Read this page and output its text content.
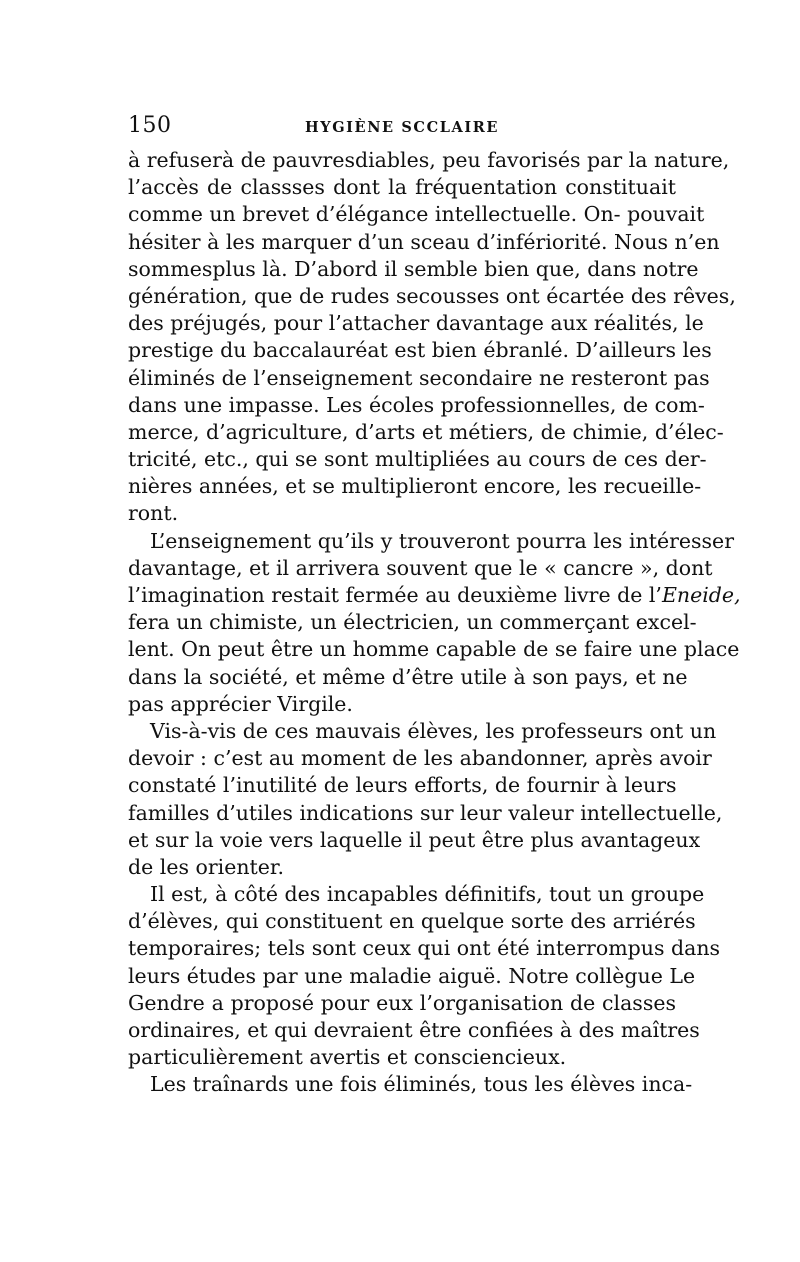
150	HYGIÈNE SCCLAIRE
à refuserà de pauvresdiables, peu favorisés par la nature,
l’accès de classses dont la fréquentation constituait
comme un brevet d’élégance intellectuelle. On- pouvait
hésiter à les marquer d’un sceau d’infériorité. Nous n’en
sommesplus là. D’abord il semble bien que, dans notre
génération, que de rudes secousses ont écartée des rêves,
des préjugés, pour l’attacher davantage aux réalités, le
prestige du baccalauréat est bien ébranlé. D’ailleurs les
éliminés de l’enseignement secondaire ne resteront pas
dans une impasse. Les écoles professionnelles, de com-
merce, d’agriculture, d’arts et métiers, de chimie, d’élec-
tricité, etc., qui se sont multipliées au cours de ces der-
nières années, et se multiplieront encore, les recueille-
ront.
L’enseignement qu’ils y trouveront pourra les intéresser
davantage, et il arrivera souvent que le « cancre », dont
l’imagination restait fermée au deuxième livre de l’Eneide,
fera un chimiste, un électricien, un commerçant excel-
lent. On peut être un homme capable de se faire une place
dans la société, et même d’être utile à son pays, et ne
pas apprécier Virgile.
Vis-à-vis de ces mauvais élèves, les professeurs ont un
devoir : c’est au moment de les abandonner, après avoir
constaté l’inutilité de leurs efforts, de fournir à leurs
familles d’utiles indications sur leur valeur intellectuelle,
et sur la voie vers laquelle il peut être plus avantageux
de les orienter.
Il est, à côté des incapables définitifs, tout un groupe
d’élèves, qui constituent en quelque sorte des arriérés
temporaires; tels sont ceux qui ont été interrompus dans
leurs études par une maladie aiguë. Notre collègue Le
Gendre a proposé pour eux l’organisation de classes
ordinaires, et qui devraient être confiées à des maîtres
particulièrement avertis et consciencieux.
Les traînards une fois éliminés, tous les élèves inca-
